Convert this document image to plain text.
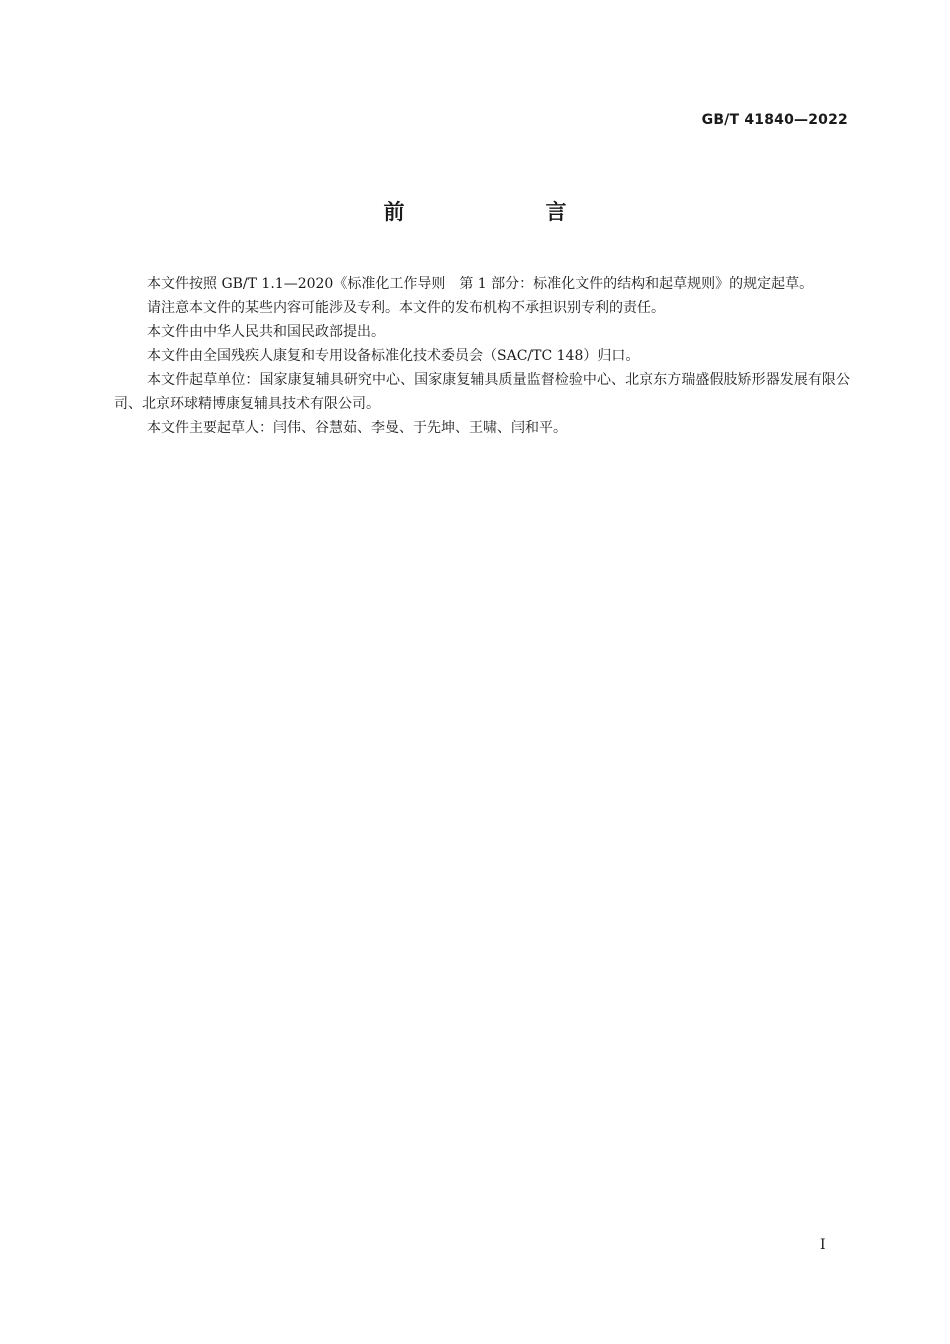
GB/T 41840—2022
前　言

本文件按照 GB/T 1.1—2020《标准化工作导则　第 1 部分：标准化文件的结构和起草规则》的规定起草。

请注意本文件的某些内容可能涉及专利。本文件的发布机构不承担识别专利的责任。

本文件由中华人民共和国民政部提出。

本文件由全国残疾人康复和专用设备标准化技术委员会（SAC/TC 148）归口。

本文件起草单位：国家康复辅具研究中心、国家康复辅具质量监督检验中心、北京东方瑞盛假肢矫形器发展有限公司、北京环球精博康复辅具技术有限公司。

本文件主要起草人：闫伟、谷慧茹、李曼、于先坤、王啸、闫和平。

I
